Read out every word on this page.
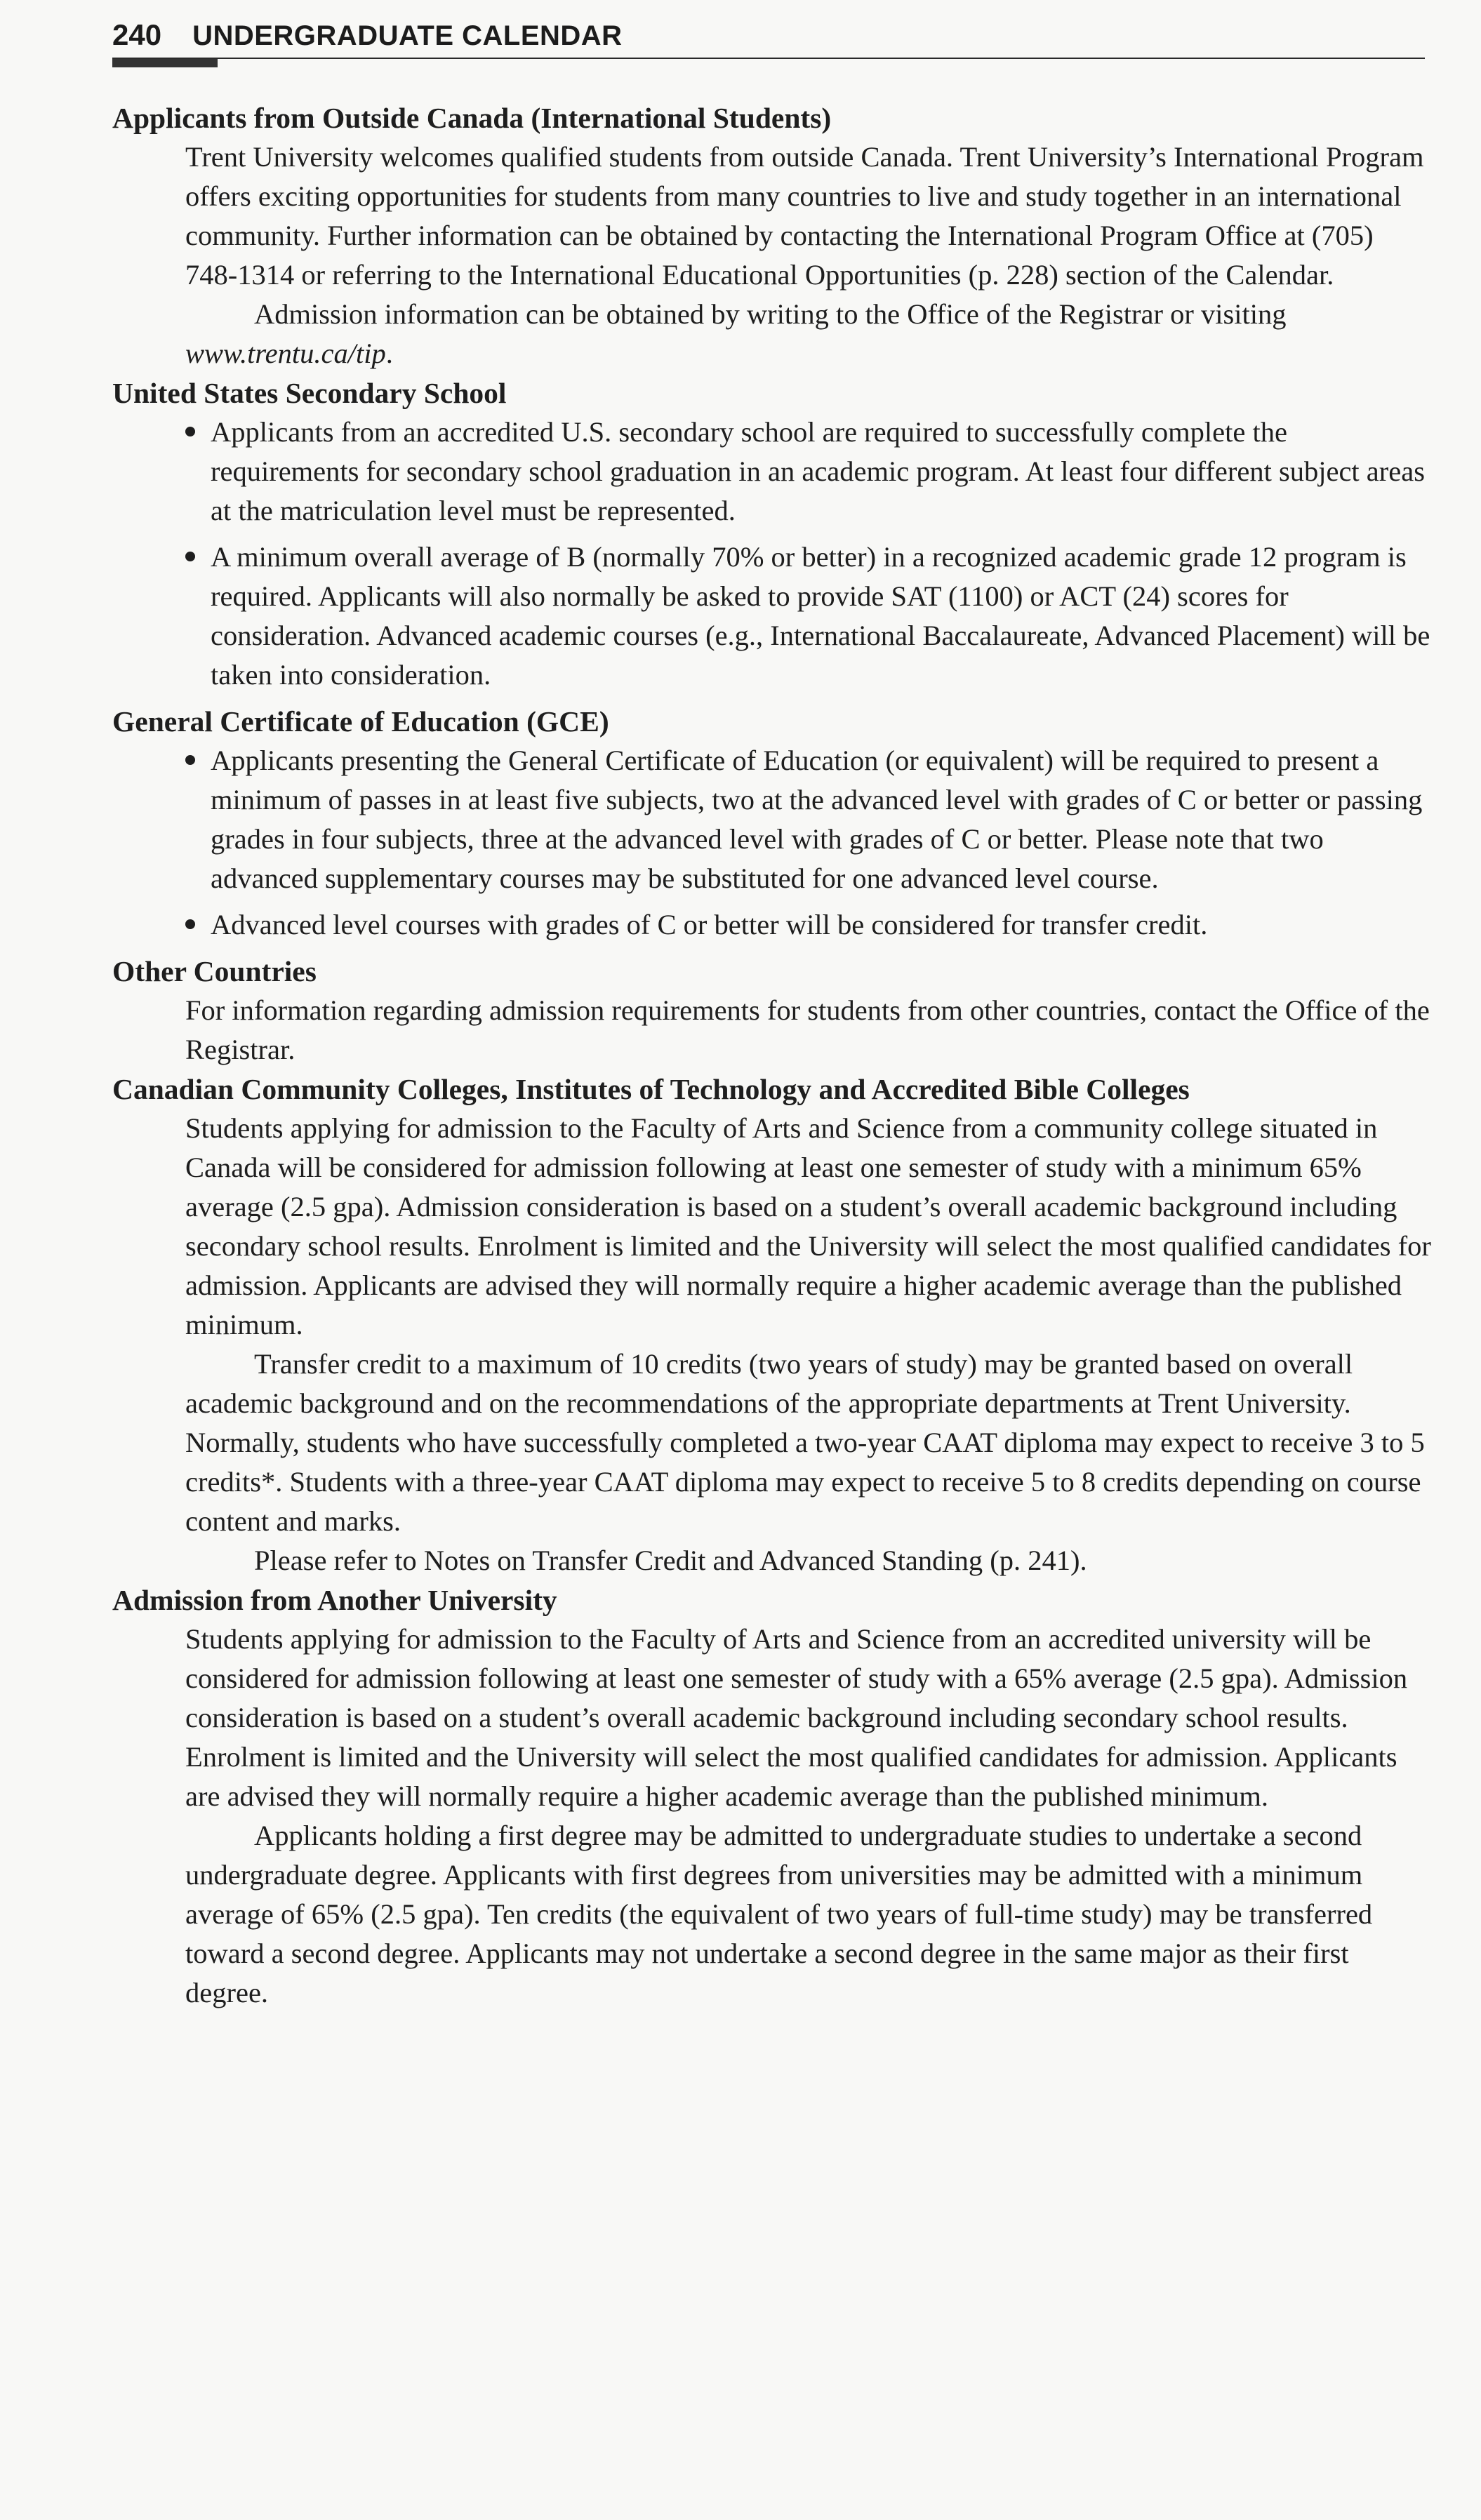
240 UNDERGRADUATE CALENDAR
Applicants from Outside Canada (International Students)

Trent University welcomes qualified students from outside Canada. Trent University’s International Program offers exciting opportunities for students from many countries to live and study together in an international community. Further information can be obtained by contacting the International Program Office at (705) 748-1314 or referring to the International Educational Opportunities (p. 228) section of the Calendar.

Admission information can be obtained by writing to the Office of the Registrar or visiting www.trentu.ca/tip.

United States Secondary School
Applicants from an accredited U.S. secondary school are required to successfully complete the requirements for secondary school graduation in an academic program. At least four different subject areas at the matriculation level must be represented.
A minimum overall average of B (normally 70% or better) in a recognized academic grade 12 program is required. Applicants will also normally be asked to provide SAT (1100) or ACT (24) scores for consideration. Advanced academic courses (e.g., International Baccalaureate, Advanced Placement) will be taken into consideration.
General Certificate of Education (GCE)
Applicants presenting the General Certificate of Education (or equivalent) will be required to present a minimum of passes in at least five subjects, two at the advanced level with grades of C or better or passing grades in four subjects, three at the advanced level with grades of C or better. Please note that two advanced supplementary courses may be substituted for one advanced level course.
Advanced level courses with grades of C or better will be considered for transfer credit.
Other Countries

For information regarding admission requirements for students from other countries, contact the Office of the Registrar.

Canadian Community Colleges, Institutes of Technology and Accredited Bible Colleges

Students applying for admission to the Faculty of Arts and Science from a community college situated in Canada will be considered for admission following at least one semester of study with a minimum 65% average (2.5 gpa). Admission consideration is based on a student’s overall academic background including secondary school results. Enrolment is limited and the University will select the most qualified candidates for admission. Applicants are advised they will normally require a higher academic average than the published minimum.

Transfer credit to a maximum of 10 credits (two years of study) may be granted based on overall academic background and on the recommendations of the appropriate departments at Trent University. Normally, students who have successfully completed a two-year CAAT diploma may expect to receive 3 to 5 credits*. Students with a three-year CAAT diploma may expect to receive 5 to 8 credits depending on course content and marks.

Please refer to Notes on Transfer Credit and Advanced Standing (p. 241).

Admission from Another University

Students applying for admission to the Faculty of Arts and Science from an accredited university will be considered for admission following at least one semester of study with a 65% average (2.5 gpa). Admission consideration is based on a student’s overall academic background including secondary school results. Enrolment is limited and the University will select the most qualified candidates for admission. Applicants are advised they will normally require a higher academic average than the published minimum.

Applicants holding a first degree may be admitted to undergraduate studies to undertake a second undergraduate degree. Applicants with first degrees from universities may be admitted with a minimum average of 65% (2.5 gpa). Ten credits (the equivalent of two years of full-time study) may be transferred toward a second degree. Applicants may not undertake a second degree in the same major as their first degree.
